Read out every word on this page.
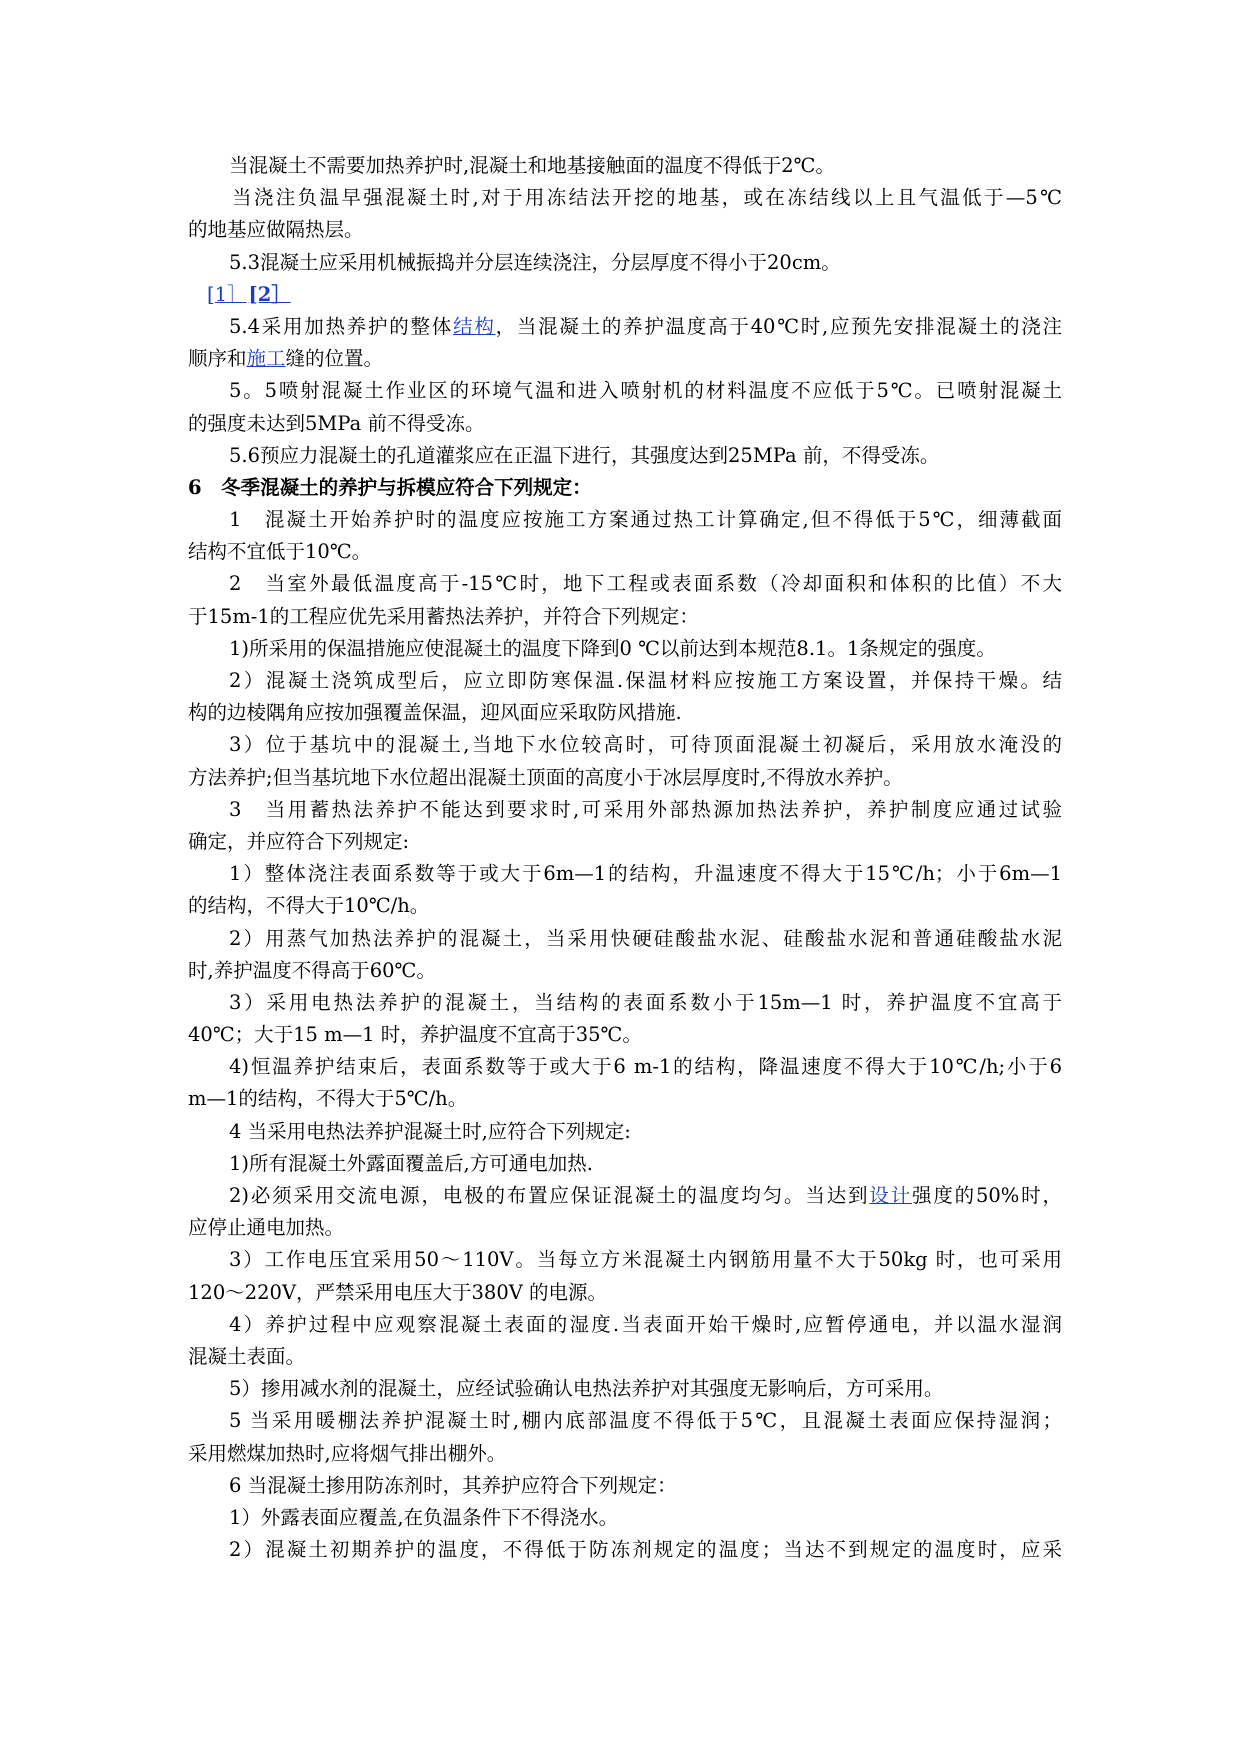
当混凝土不需要加热养护时,混凝土和地基接触面的温度不得低于2℃。
当浇注负温早强混凝土时,对于用冻结法开挖的地基，或在冻结线以上且气温低于—5℃
的地基应做隔热层。
5.3混凝土应采用机械振捣并分层连续浇注，分层厚度不得小于20cm。
[1］ [2］
5.4采用加热养护的整体结构，当混凝土的养护温度高于40℃时,应预先安排混凝土的浇注
顺序和施工缝的位置。
5。5喷射混凝土作业区的环境气温和进入喷射机的材料温度不应低于5℃。已喷射混凝土
的强度未达到5MPa 前不得受冻。
5.6预应力混凝土的孔道灌浆应在正温下进行，其强度达到25MPa 前，不得受冻。
6　冬季混凝土的养护与拆模应符合下列规定：
1　混凝土开始养护时的温度应按施工方案通过热工计算确定,但不得低于5℃，细薄截面
结构不宜低于10℃。
2　当室外最低温度高于-15℃时，地下工程或表面系数（冷却面积和体积的比值）不大
于15m-1的工程应优先采用蓄热法养护，并符合下列规定：
1)所采用的保温措施应使混凝土的温度下降到0 ℃以前达到本规范8.1。1条规定的强度。
2）混凝土浇筑成型后，应立即防寒保温.保温材料应按施工方案设置，并保持干燥。结
构的边棱隅角应按加强覆盖保温，迎风面应采取防风措施.
3）位于基坑中的混凝土,当地下水位较高时，可待顶面混凝土初凝后，采用放水淹没的
方法养护;但当基坑地下水位超出混凝土顶面的高度小于冰层厚度时,不得放水养护。
3　当用蓄热法养护不能达到要求时,可采用外部热源加热法养护，养护制度应通过试验
确定，并应符合下列规定:
1）整体浇注表面系数等于或大于6m—1的结构，升温速度不得大于15℃/h；小于6m—1
的结构，不得大于10℃/h。
2）用蒸气加热法养护的混凝土，当采用快硬硅酸盐水泥、硅酸盐水泥和普通硅酸盐水泥
时,养护温度不得高于60℃。
3）采用电热法养护的混凝土，当结构的表面系数小于15m—1 时，养护温度不宜高于
40℃；大于15 m—1 时，养护温度不宜高于35℃。
4)恒温养护结束后，表面系数等于或大于6 m-1的结构，降温速度不得大于10℃/h;小于6
m—1的结构，不得大于5℃/h。
4 当采用电热法养护混凝土时,应符合下列规定:
1)所有混凝土外露面覆盖后,方可通电加热.
2)必须采用交流电源，电极的布置应保证混凝土的温度均匀。当达到设计强度的50%时，
应停止通电加热。
3）工作电压宜采用50～110V。当每立方米混凝土内钢筋用量不大于50kg 时，也可采用
120～220V，严禁采用电压大于380V 的电源。
4）养护过程中应观察混凝土表面的湿度.当表面开始干燥时,应暂停通电，并以温水湿润
混凝土表面。
5）掺用减水剂的混凝土，应经试验确认电热法养护对其强度无影响后，方可采用。
5 当采用暖棚法养护混凝土时,棚内底部温度不得低于5℃，且混凝土表面应保持湿润；
采用燃煤加热时,应将烟气排出棚外。
6 当混凝土掺用防冻剂时，其养护应符合下列规定：
1）外露表面应覆盖,在负温条件下不得浇水。
2）混凝土初期养护的温度，不得低于防冻剂规定的温度；当达不到规定的温度时，应采
